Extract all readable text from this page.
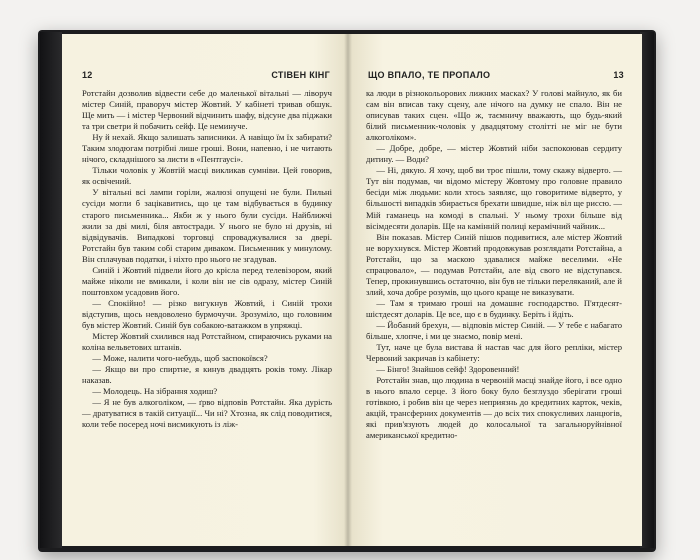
12	СТІВЕН КІНГ

Ротстайн дозволив відвести себе до маленької вітальні — ліворуч містер Синій, праворуч містер Жовтий. У кабінеті тривав обшук. Ще мить — і містер Червоний відчинить шафу, відсуне два піджаки та три светри й побачить сейф. Це неминуче.

Ну й нехай. Якщо залишать записники. А навіщо їм їх забирати? Таким злодюгам потрібні лише гроші. Вони, напевно, і не читають нічого, складнішого за листи в «Пентгаусі».

Тільки чоловік у Жовтій масці викликав сумніви. Цей говорив, як освічений.

У вітальні всі лампи горіли, жалюзі опущені не були. Пильні сусіди могли б зацікавитись, що це там відбувається в будинку старого письменника... Якби ж у нього були сусіди. Найближчі жили за дві милі, біля автостради. У нього не було ні друзів, ні відвідувачів. Випадкові торговці спроваджувалися за двері. Ротстайн був таким собі старим диваком. Письменник у минулому. Він сплачував податки, і ніхто про нього не згадував.

Синій і Жовтий підвели його до крісла перед телевізором, який майже ніколи не вмикали, і коли він не сів одразу, містер Синій поштовхом усадовив його.

— Спокійно! — різко вигукнув Жовтий, і Синій трохи відступив, щось невдоволено бурмочучи. Зрозуміло, що головним був містер Жовтий. Синій був собакою-ватажком в упряжці.

Містер Жовтий схилився над Ротстайном, спираючись руками на коліна вельветових штанів.

— Може, налити чого-небудь, щоб заспокоївся?

— Якщо ви про спиртне, я кинув двадцять років тому. Лікар наказав.

— Молодець. На зібрання ходиш?

— Я не був алкоголіком, — ґрво відповів Ротстайн. Яка дурість — дратуватися в такій ситуації... Чи ні? Хтозна, як слід поводитися, коли тебе посеред ночі висмикують із ліж-

ЩО ВПАЛО, ТЕ ПРОПАЛО	13

ка люди в різнокольорових лижних масках? У голові майнуло, як би сам він вписав таку сцену, але нічого на думку не спало. Він не описував таких сцен. «Що ж, таємничу вважають, що будь-який білий письменник-чоловік у двадцятому столітті не міг не бути алкоголіком».

— Добре, добре, — містер Жовтий ніби заспокоював сердиту дитину. — Води?

— Ні, дякую. Я хочу, щоб ви троє пішли, тому скажу відверто. — Тут він подумав, чи відомо містеру Жовтому про головне правило бесіди між людьми: коли хтось заявляє, що говоритиме відверто, у більшості випадків збирається брехати швидше, ніж віл ще риссю. — Мій гаманець на комоді в спальні. У ньому трохи більше від вісімдесяти доларів. Ще на камінній полиці керамічний чайник...

Він показав. Містер Синій пішов подивитися, але містер Жовтий не ворухнувся. Містер Жовтий продовжував розглядати Ротстайна, а Ротстайн, що за маскою здавалися майже веселими. «Не спрацювало», — подумав Ротстайн, але від свого не відступався. Тепер, прокинувшись остаточно, він був не тільки переляканий, але й злий, хоча добре розумів, що цього краще не виказувати.

— Там я тримаю гроші на домашнє господарство. П'ятдесят-шістдесят доларів. Це все, що є в будинку. Беріть і йдіть.

— Йобаний брехун, — відповів містер Синій. — У тебе є набагато більше, хлопче, і ми це знаємо, повір мені.

Тут, наче це була вистава й настав час для його репліки, містер Червоний закричав із кабінету:

— Бінго! Знайшов сейф! Здоровенний!

Ротстайн знав, що людина в червоній масці знайде його, і все одно в нього впало серце. З його боку було безглуздо зберігати гроші готівкою, і робив він це через неприязнь до кредитних карток, чеків, акцій, трансферних документів — до всіх тих спокусливих ланцюгів, які прив'язують людей до колосальної та загальноруйнівної американської кредитно-
